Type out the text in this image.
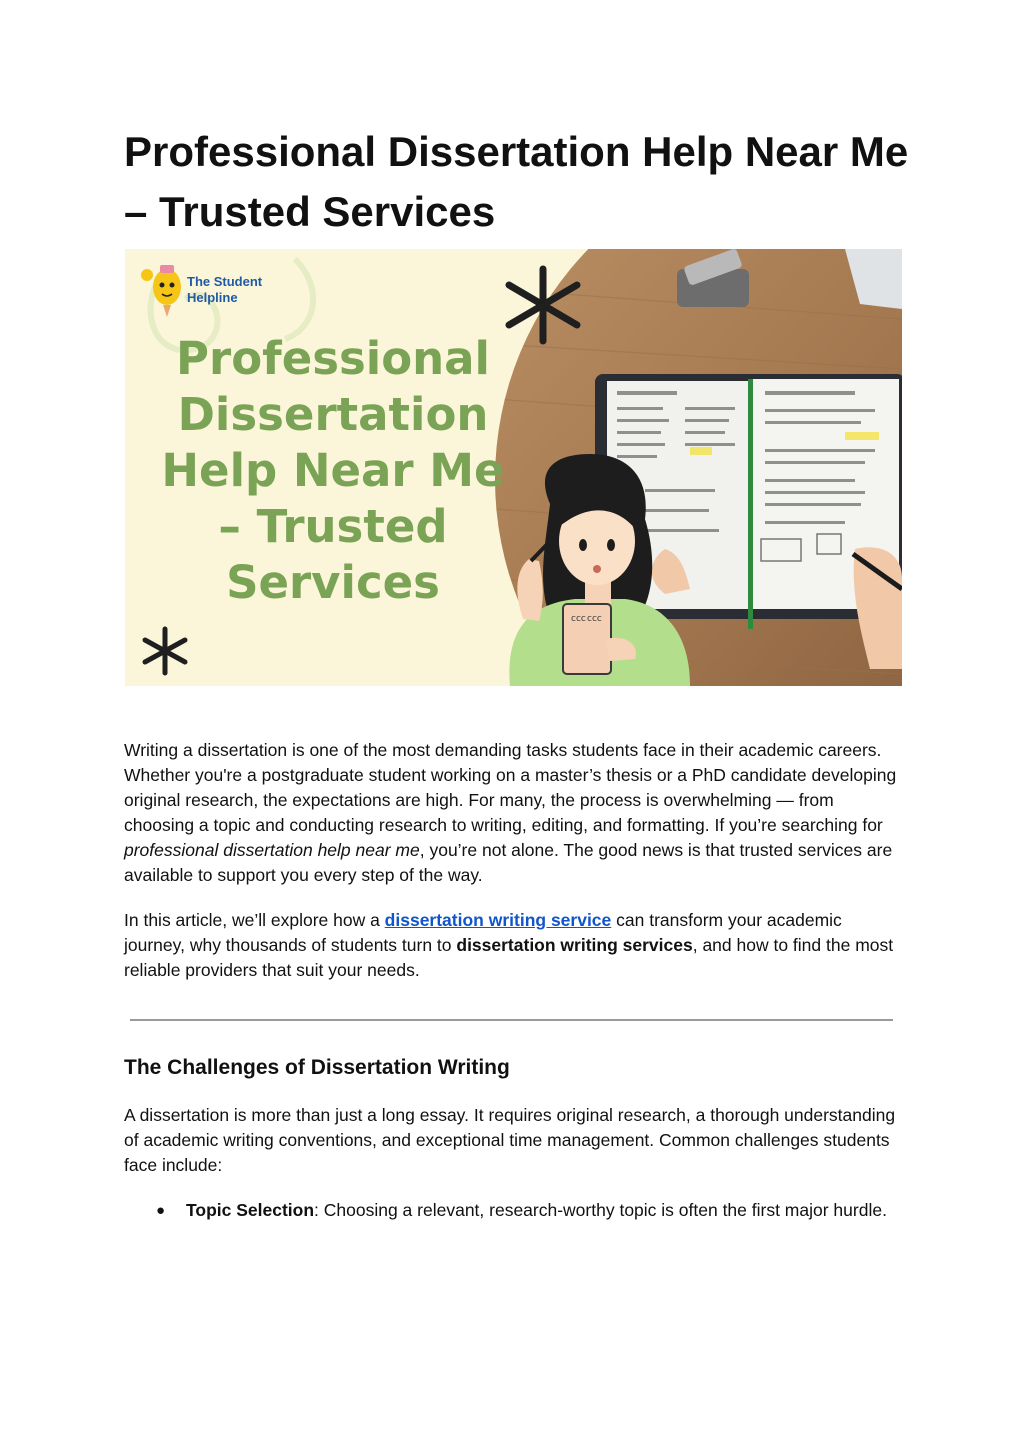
Professional Dissertation Help Near Me – Trusted Services
The Student
Helpline
Professional
Dissertation
Help Near Me
– Trusted
Services
ccc ccc

Writing a dissertation is one of the most demanding tasks students face in their academic careers. Whether you're a postgraduate student working on a master’s thesis or a PhD candidate developing original research, the expectations are high. For many, the process is overwhelming — from choosing a topic and conducting research to writing, editing, and formatting. If you’re searching for professional dissertation help near me, you’re not alone. The good news is that trusted services are available to support you every step of the way.

In this article, we’ll explore how a dissertation writing service can transform your academic journey, why thousands of students turn to dissertation writing services, and how to find the most reliable providers that suit your needs.

The Challenges of Dissertation Writing

A dissertation is more than just a long essay. It requires original research, a thorough understanding of academic writing conventions, and exceptional time management. Common challenges students face include:

● Topic Selection: Choosing a relevant, research-worthy topic is often the first major hurdle.
